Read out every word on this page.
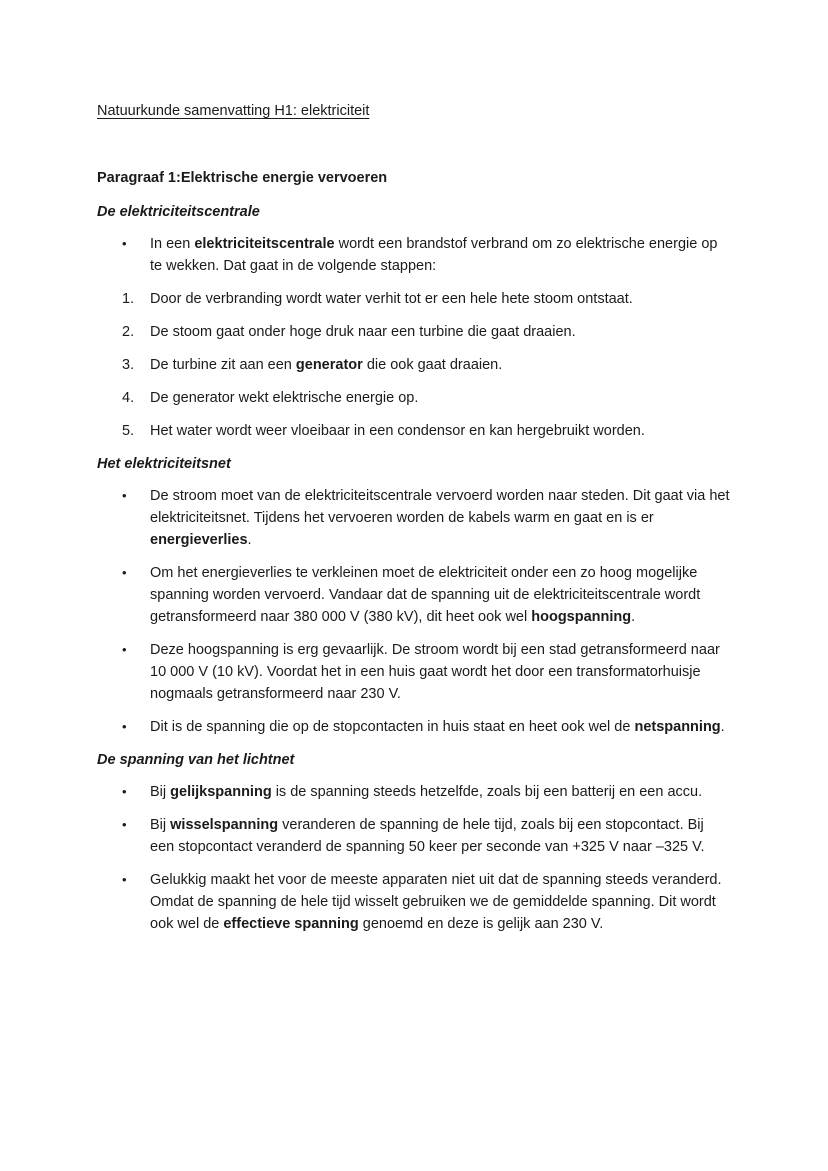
Natuurkunde samenvatting H1: elektriciteit

Paragraaf 1:Elektrische energie vervoeren

De elektriciteitscentrale

•	In een elektriciteitscentrale wordt een brandstof verbrand om zo elektrische energie op te wekken. Dat gaat in de volgende stappen:
1.	Door de verbranding wordt water verhit tot er een hele hete stoom ontstaat.
2.	De stoom gaat onder hoge druk naar een turbine die gaat draaien.
3.	De turbine zit aan een generator die ook gaat draaien.
4.	De generator wekt elektrische energie op.
5.	Het water wordt weer vloeibaar in een condensor en kan hergebruikt worden.

Het elektriciteitsnet

•	De stroom moet van de elektriciteitscentrale vervoerd worden naar steden. Dit gaat via het elektriciteitsnet. Tijdens het vervoeren worden de kabels warm en gaat en is er energieverlies.
•	Om het energieverlies te verkleinen moet de elektriciteit onder een zo hoog mogelijke spanning worden vervoerd. Vandaar dat de spanning uit de elektriciteitscentrale wordt getransformeerd naar 380 000 V (380 kV), dit heet ook wel hoogspanning.
•	Deze hoogspanning is erg gevaarlijk. De stroom wordt bij een stad getransformeerd naar 10 000 V (10 kV). Voordat het in een huis gaat wordt het door een transformatorhuisje nogmaals getransformeerd naar 230 V.
•	Dit is de spanning die op de stopcontacten in huis staat en heet ook wel de netspanning.

De spanning van het lichtnet

•	Bij gelijkspanning is de spanning steeds hetzelfde, zoals bij een batterij en een accu.
•	Bij wisselspanning veranderen de spanning de hele tijd, zoals bij een stopcontact. Bij een stopcontact veranderd de spanning 50 keer per seconde van +325 V naar –325 V.
•	Gelukkig maakt het voor de meeste apparaten niet uit dat de spanning steeds veranderd. Omdat de spanning de hele tijd wisselt gebruiken we de gemiddelde spanning. Dit wordt ook wel de effectieve spanning genoemd en deze is gelijk aan 230 V.
